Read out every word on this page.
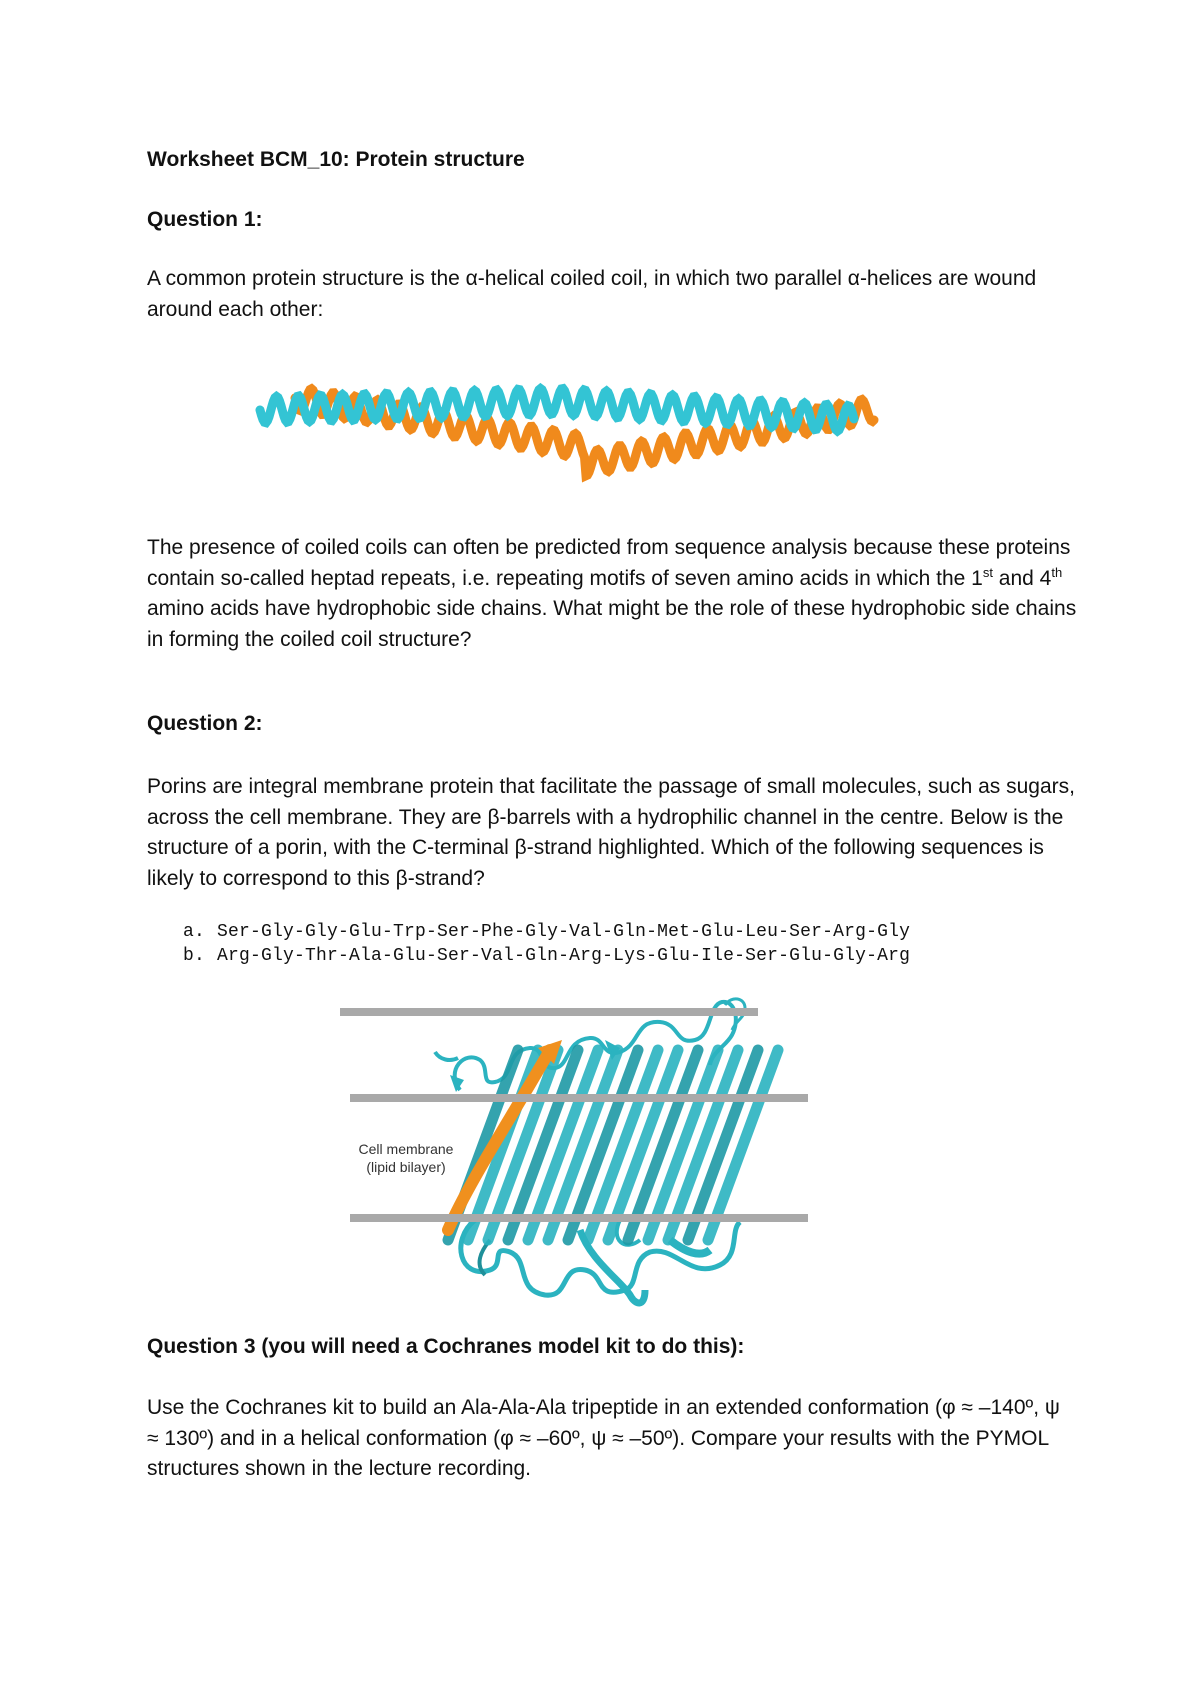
Worksheet BCM_10: Protein structure

Question 1:

A common protein structure is the α-helical coiled coil, in which two parallel α-helices are wound around each other:

The presence of coiled coils can often be predicted from sequence analysis because these proteins contain so-called heptad repeats, i.e. repeating motifs of seven amino acids in which the 1st and 4th amino acids have hydrophobic side chains. What might be the role of these hydrophobic side chains in forming the coiled coil structure?

Question 2:

Porins are integral membrane protein that facilitate the passage of small molecules, such as sugars, across the cell membrane. They are β-barrels with a hydrophilic channel in the centre. Below is the structure of a porin, with the C-terminal β-strand highlighted. Which of the following sequences is likely to correspond to this β-strand?

a. Ser-Gly-Gly-Glu-Trp-Ser-Phe-Gly-Val-Gln-Met-Glu-Leu-Ser-Arg-Gly

b. Arg-Gly-Thr-Ala-Glu-Ser-Val-Gln-Arg-Lys-Glu-Ile-Ser-Glu-Gly-Arg

Cell membrane
(lipid bilayer)

Question 3 (you will need a Cochranes model kit to do this):

Use the Cochranes kit to build an Ala-Ala-Ala tripeptide in an extended conformation (φ ≈ –140º, ψ ≈ 130º) and in a helical conformation (φ ≈ –60º, ψ ≈ –50º). Compare your results with the PYMOL structures shown in the lecture recording.
